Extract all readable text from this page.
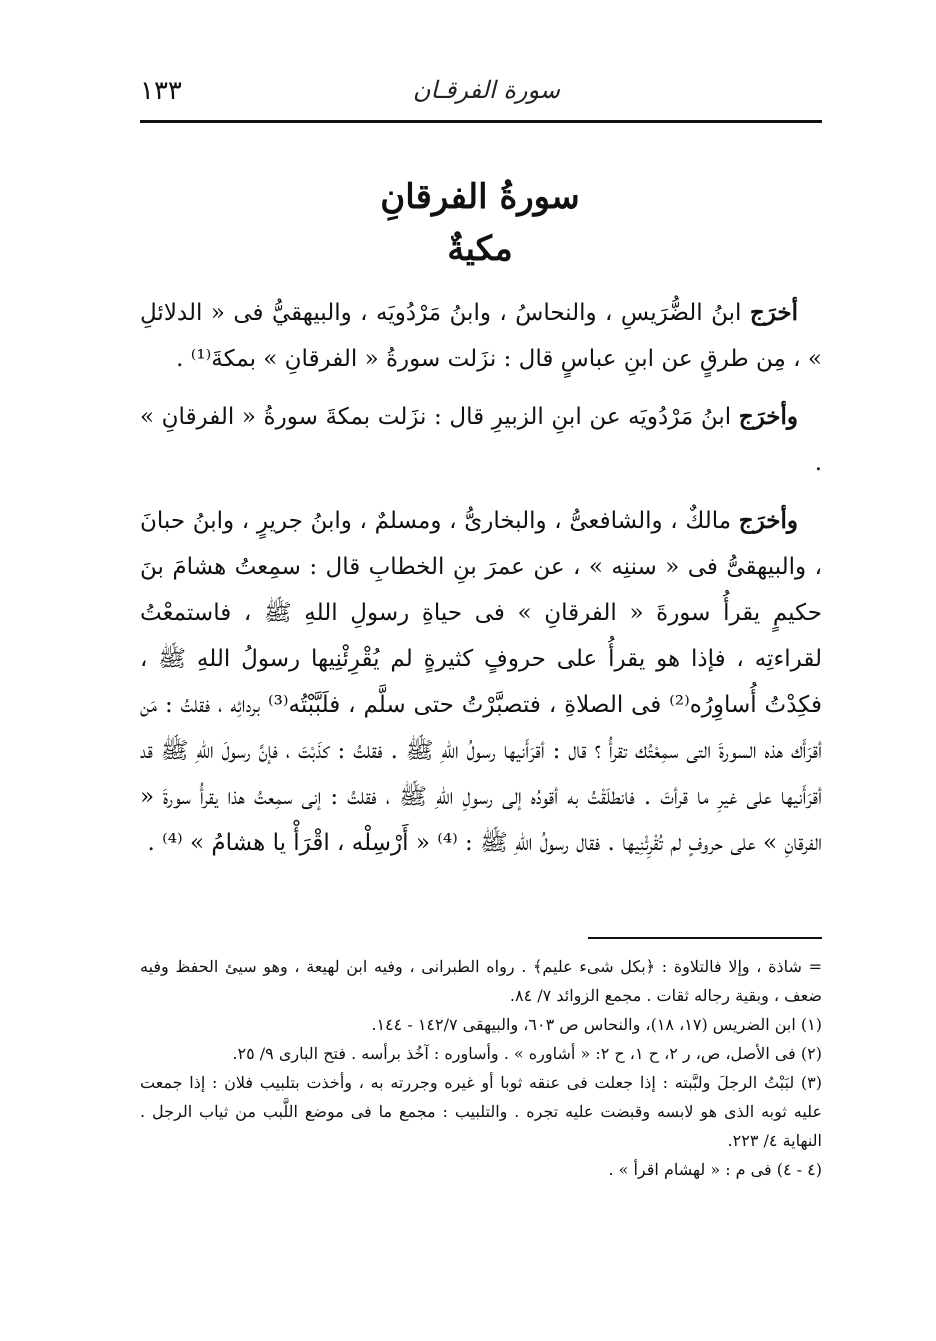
سورة الفرقـان
١٣٣
سورةُ الفرقانِ
مكيةٌ

أخرَج ابنُ الضُّرَيسِ ، والنحاسُ ، وابنُ مَرْدُويَه ، والبيهقيُّ فى « الدلائلِ » ، مِن طرقٍ عن ابنِ عباسٍ قال : نزَلت سورةُ « الفرقانِ » بمكةَ⁽¹⁾ .

وأخرَج ابنُ مَرْدُويَه عن ابنِ الزبيرِ قال : نزَلت بمكةَ سورةُ « الفرقانِ » .

وأخرَج مالكٌ ، والشافعىُّ ، والبخارىُّ ، ومسلمٌ ، وابنُ جريرٍ ، وابنُ حبانَ ، والبيهقىُّ فى « سننِه » ، عن عمرَ بنِ الخطابِ قال : سمِعتُ هشامَ بنَ حكيمٍ يقرأُ سورةَ « الفرقانِ » فى حياةِ رسولِ اللهِ ﷺ ، فاستمعْتُ لقراءتِه ، فإذا هو يقرأُ على حروفٍ كثيرةٍ لم يُقْرِئْنِيها رسولُ اللهِ ﷺ ، فكِدْتُ أُساوِرُه⁽²⁾ فى الصلاةِ ، فتصبَّرْتُ حتى سلَّم ، فلَبَّبْتُه⁽³⁾ بردائِه ، فقلتُ : مَن أقرَأَك هذه السورةَ التى سمِعْتُك تقرأُ ؟ قال : أقرَأَنيها رسولُ اللهِ ﷺ . فقلتُ : كذَبْتَ ، فإنَّ رسولَ اللهِ ﷺ قد أقرَأَنيها على غيرِ ما قرأتَ . فانطلَقْتُ به أقودُه إلى رسولِ اللهِ ﷺ ، فقلتُ : إنى سمِعتُ هذا يقرأُ سورةَ « الفرقانِ » على حروفٍ لم تُقْرِئْنِيها . فقال رسولُ اللهِ ﷺ : ⁽⁴⁾ « أَرْسِلْه ، اقْرَأْ يا هشامُ » ⁽⁴⁾ .

= شاذة ، وإلا فالتلاوة : ﴿بكل شىء عليم﴾ . رواه الطبرانى ، وفيه ابن لهيعة ، وهو سيئ الحفظ وفيه ضعف ، وبقية رجاله ثقات . مجمع الزوائد ٧/ ٨٤.

(١) ابن الضريس (١٧، ١٨)، والنحاس ص ٦٠٣، والبيهقى ١٤٢/٧ - ١٤٤.

(٢) فى الأصل، ص، ر ٢، ح ١، ح ٢: « أشاوره » . وأساوره : آخُذ برأسه . فتح البارى ٩/ ٢٥.

(٣) لبَبْتُ الرجلَ ولبَّبته : إذا جعلت فى عنقه ثوبا أو غيره وجررته به ، وأخذت بتلبيب فلان : إذا جمعت عليه ثوبه الذى هو لابسه وقبضت عليه تجره . والتلبيب : مجمع ما فى موضع اللَّبب من ثياب الرجل . النهاية ٤/ ٢٢٣.

(٤ - ٤) فى م : « لهشام اقرأ » .
